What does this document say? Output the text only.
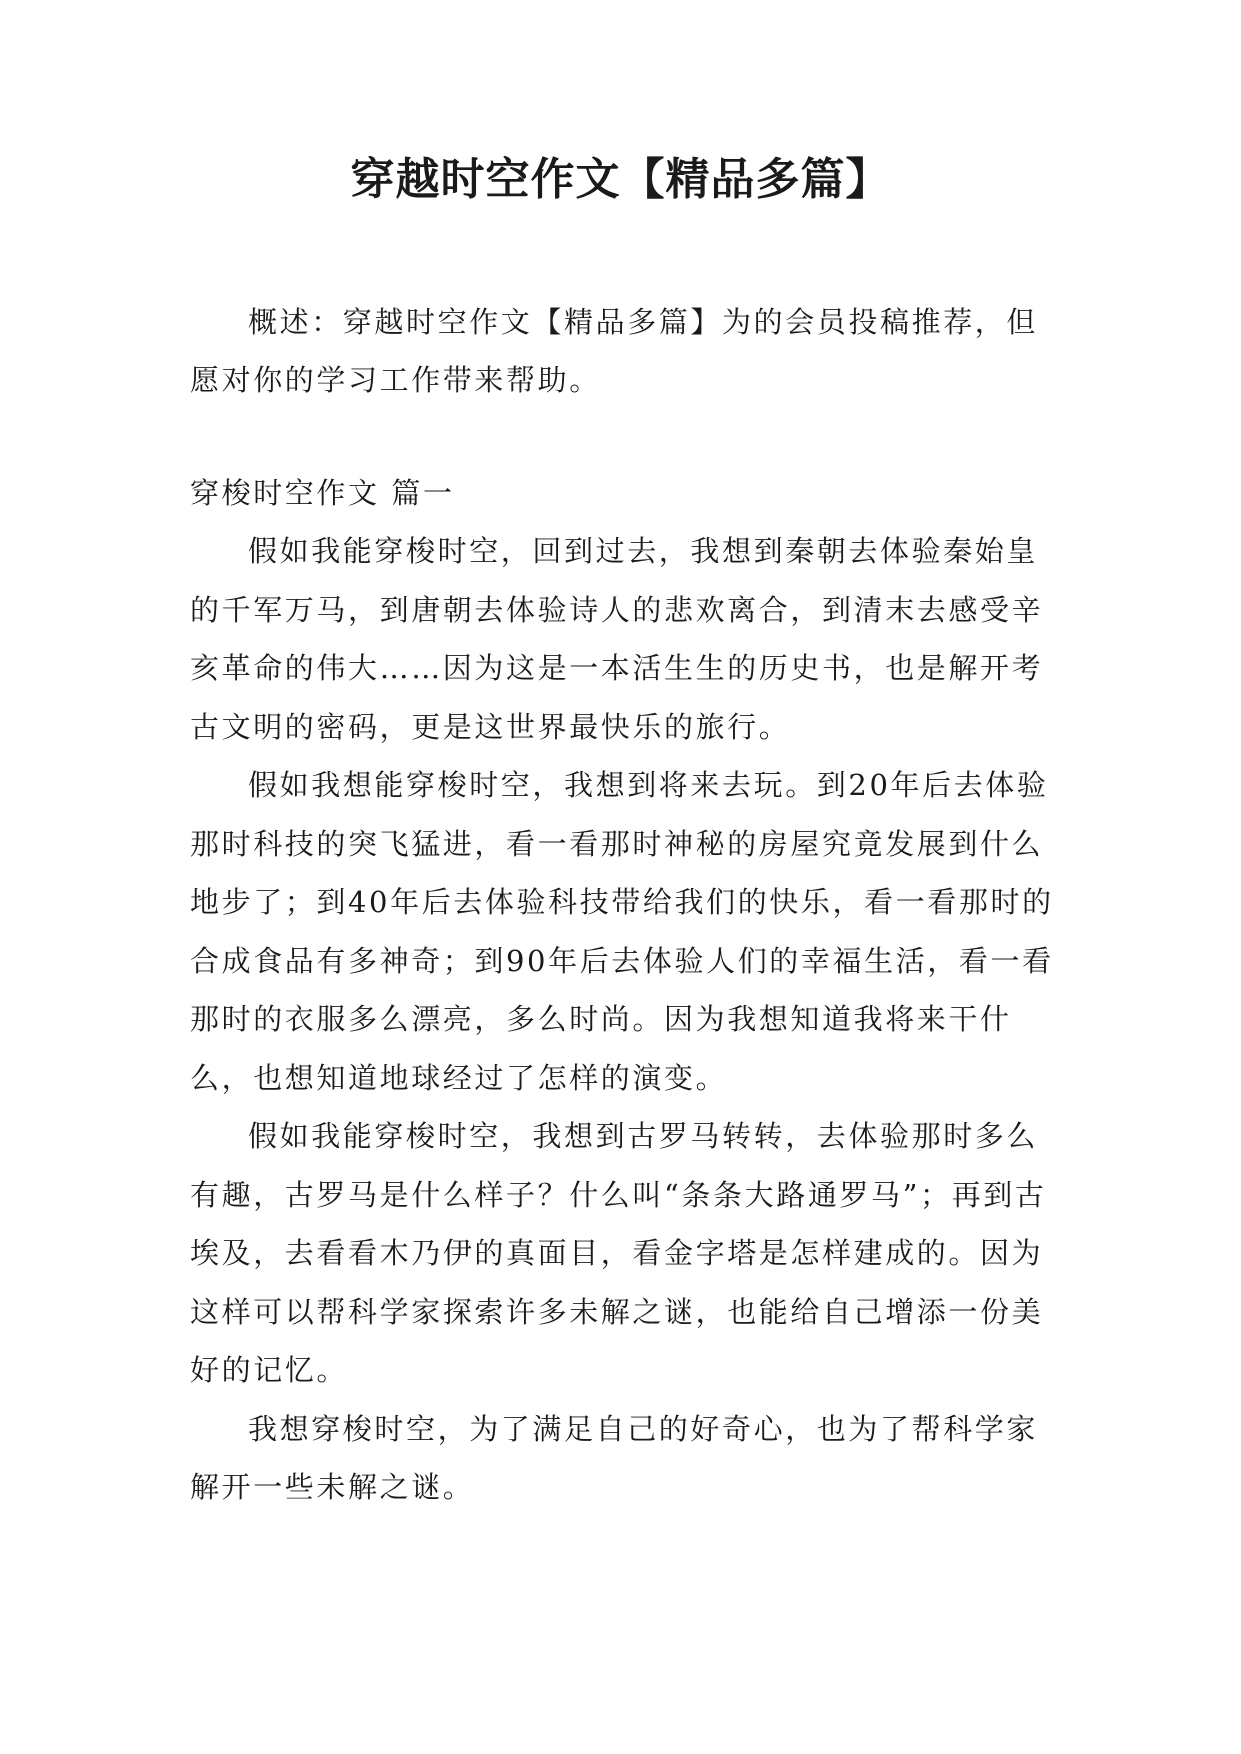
穿越时空作文【精品多篇】

概述：穿越时空作文【精品多篇】为的会员投稿推荐，但愿对你的学习工作带来帮助。

穿梭时空作文 篇一

假如我能穿梭时空，回到过去，我想到秦朝去体验秦始皇的千军万马，到唐朝去体验诗人的悲欢离合，到清末去感受辛亥革命的伟大……因为这是一本活生生的历史书，也是解开考古文明的密码，更是这世界最快乐的旅行。

假如我想能穿梭时空，我想到将来去玩。到20年后去体验那时科技的突飞猛进，看一看那时神秘的房屋究竟发展到什么地步了；到40年后去体验科技带给我们的快乐，看一看那时的合成食品有多神奇；到90年后去体验人们的幸福生活，看一看那时的衣服多么漂亮，多么时尚。因为我想知道我将来干什么，也想知道地球经过了怎样的演变。

假如我能穿梭时空，我想到古罗马转转，去体验那时多么有趣，古罗马是什么样子？什么叫“条条大路通罗马”；再到古埃及，去看看木乃伊的真面目，看金字塔是怎样建成的。因为这样可以帮科学家探索许多未解之谜，也能给自己增添一份美好的记忆。

我想穿梭时空，为了满足自己的好奇心，也为了帮科学家解开一些未解之谜。
